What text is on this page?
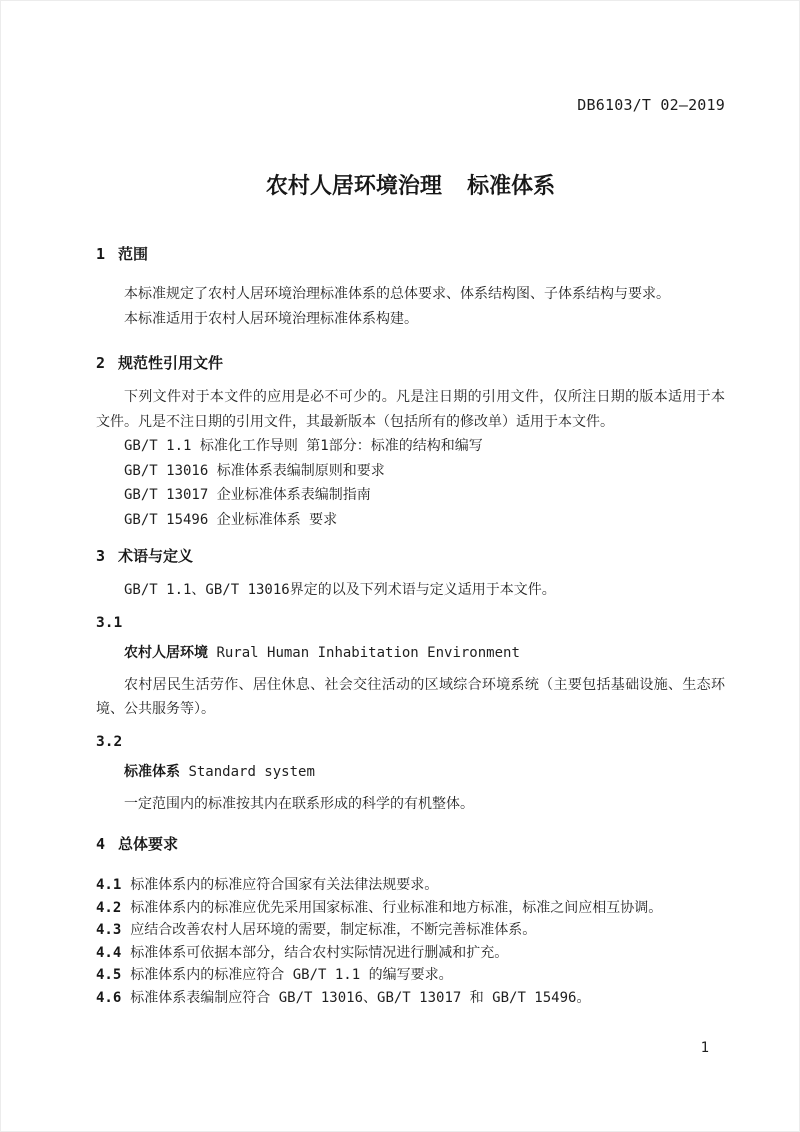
DB6103/T 02—2019
农村人居环境治理 标准体系
1 范围

本标准规定了农村人居环境治理标准体系的总体要求、体系结构图、子体系结构与要求。

本标准适用于农村人居环境治理标准体系构建。

2 规范性引用文件

下列文件对于本文件的应用是必不可少的。凡是注日期的引用文件，仅所注日期的版本适用于本文件。凡是不注日期的引用文件，其最新版本（包括所有的修改单）适用于本文件。

GB/T 1.1 标准化工作导则 第1部分：标准的结构和编写

GB/T 13016 标准体系表编制原则和要求

GB/T 13017 企业标准体系表编制指南

GB/T 15496 企业标准体系 要求

3 术语与定义

GB/T 1.1、GB/T 13016界定的以及下列术语与定义适用于本文件。

3.1
农村人居环境 Rural Human Inhabitation Environment

农村居民生活劳作、居住休息、社会交往活动的区域综合环境系统（主要包括基础设施、生态环境、公共服务等）。

3.2
标准体系 Standard system

一定范围内的标准按其内在联系形成的科学的有机整体。

4 总体要求
4.1 标准体系内的标准应符合国家有关法律法规要求。
4.2 标准体系内的标准应优先采用国家标准、行业标准和地方标准，标准之间应相互协调。
4.3 应结合改善农村人居环境的需要，制定标准，不断完善标准体系。
4.4 标准体系可依据本部分，结合农村实际情况进行删减和扩充。
4.5 标准体系内的标准应符合 GB/T 1.1 的编写要求。
4.6 标准体系表编制应符合 GB/T 13016、GB/T 13017 和 GB/T 15496。
1
